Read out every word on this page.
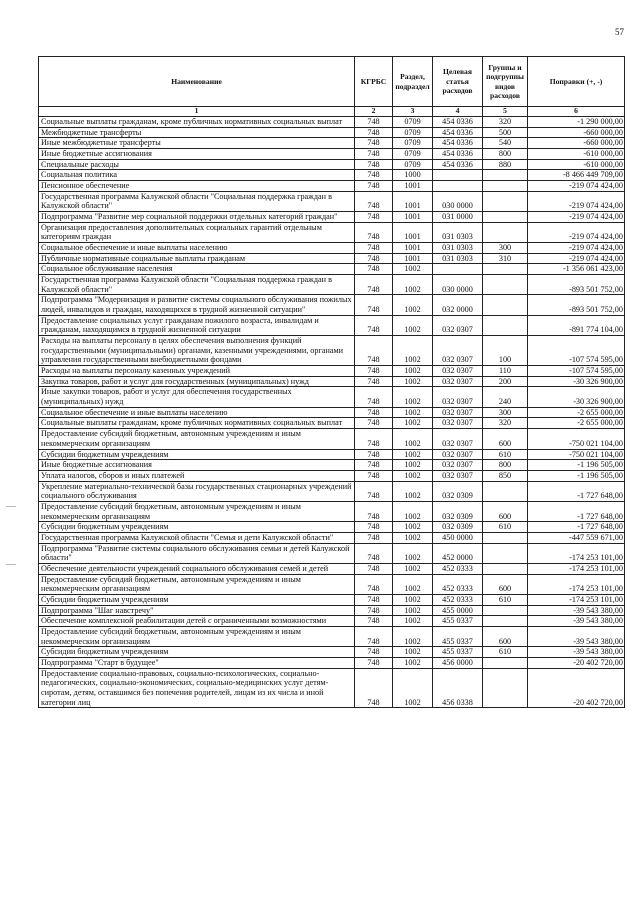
57
Наименование	КГРБС	Раздел, подраздел	Целевая статья расходов	Группы и подгруппы видов расходов	Поправки (+, -)
1	2	3	4	5	6
Социальные выплаты гражданам, кроме публичных нормативных социальных выплат	748	0709	454 0336	320	-1 290 000,00
Межбюджетные трансферты	748	0709	454 0336	500	-660 000,00
Иные межбюджетные трансферты	748	0709	454 0336	540	-660 000,00
Иные бюджетные ассигнования	748	0709	454 0336	800	-610 000,00
Специальные расходы	748	0709	454 0336	880	-610 000,00
Социальная политика	748	1000			-8 466 449 709,00
Пенсионное обеспечение	748	1001			-219 074 424,00
Государственная программа Калужской области "Социальная поддержка граждан в Калужской области"	748	1001	030 0000		-219 074 424,00
Подпрограмма "Развитие мер социальной поддержки отдельных категорий граждан"	748	1001	031 0000		-219 074 424,00
Организация предоставления дополнительных социальных гарантий отдельным категориям граждан	748	1001	031 0303		-219 074 424,00
Социальное обеспечение и иные выплаты населению	748	1001	031 0303	300	-219 074 424,00
Публичные нормативные социальные выплаты гражданам	748	1001	031 0303	310	-219 074 424,00
Социальное обслуживание населения	748	1002			-1 356 061 423,00
Государственная программа Калужской области "Социальная поддержка граждан в Калужской области"	748	1002	030 0000		-893 501 752,00
Подпрограмма "Модернизация и развитие системы социального обслуживания пожилых людей, инвалидов и граждан, находящихся в трудной жизненной ситуации"	748	1002	032 0000		-893 501 752,00
Предоставление социальных услуг гражданам пожилого возраста, инвалидам и гражданам, находящимся в трудной жизненной ситуации	748	1002	032 0307		-891 774 104,00
Расходы на выплаты персоналу в целях обеспечения выполнения функций государственными (муниципальными) органами, казенными учреждениями, органами управления государственными внебюджетными фондами	748	1002	032 0307	100	-107 574 595,00
Расходы на выплаты персоналу казенных учреждений	748	1002	032 0307	110	-107 574 595,00
Закупка товаров, работ и услуг для государственных (муниципальных) нужд	748	1002	032 0307	200	-30 326 900,00
Иные закупки товаров, работ и услуг для обеспечения государственных (муниципальных) нужд	748	1002	032 0307	240	-30 326 900,00
Социальное обеспечение и иные выплаты населению	748	1002	032 0307	300	-2 655 000,00
Социальные выплаты гражданам, кроме публичных нормативных социальных выплат	748	1002	032 0307	320	-2 655 000,00
Предоставление субсидий бюджетным, автономным учреждениям и иным некоммерческим организациям	748	1002	032 0307	600	-750 021 104,00
Субсидии бюджетным учреждениям	748	1002	032 0307	610	-750 021 104,00
Иные бюджетные ассигнования	748	1002	032 0307	800	-1 196 505,00
Уплата налогов, сборов и иных платежей	748	1002	032 0307	850	-1 196 505,00
Укрепление материально-технической базы государственных стационарных учреждений социального обслуживания	748	1002	032 0309		-1 727 648,00
Предоставление субсидий бюджетным, автономным учреждениям и иным некоммерческим организациям	748	1002	032 0309	600	-1 727 648,00
Субсидии бюджетным учреждениям	748	1002	032 0309	610	-1 727 648,00
Государственная программа Калужской области "Семья и дети Калужской области"	748	1002	450 0000		-447 559 671,00
Подпрограмма "Развитие системы социального обслуживания семьи и детей Калужской области"	748	1002	452 0000		-174 253 101,00
Обеспечение деятельности учреждений социального обслуживания семей и детей	748	1002	452 0333		-174 253 101,00
Предоставление субсидий бюджетным, автономным учреждениям и иным некоммерческим организациям	748	1002	452 0333	600	-174 253 101,00
Субсидии бюджетным учреждениям	748	1002	452 0333	610	-174 253 101,00
Подпрограмма "Шаг навстречу"	748	1002	455 0000		-39 543 380,00
Обеспечение комплексной реабилитации детей с ограниченными возможностями	748	1002	455 0337		-39 543 380,00
Предоставление субсидий бюджетным, автономным учреждениям и иным некоммерческим организациям	748	1002	455 0337	600	-39 543 380,00
Субсидии бюджетным учреждениям	748	1002	455 0337	610	-39 543 380,00
Подпрограмма "Старт в будущее"	748	1002	456 0000		-20 402 720,00
Предоставление социально-правовых, социально-психологических, социально-педагогических, социально-экономических, социально-медицинских услуг детям-сиротам, детям, оставшимся без попечения родителей, лицам из их числа и иной категории лиц	748	1002	456 0338		-20 402 720,00
